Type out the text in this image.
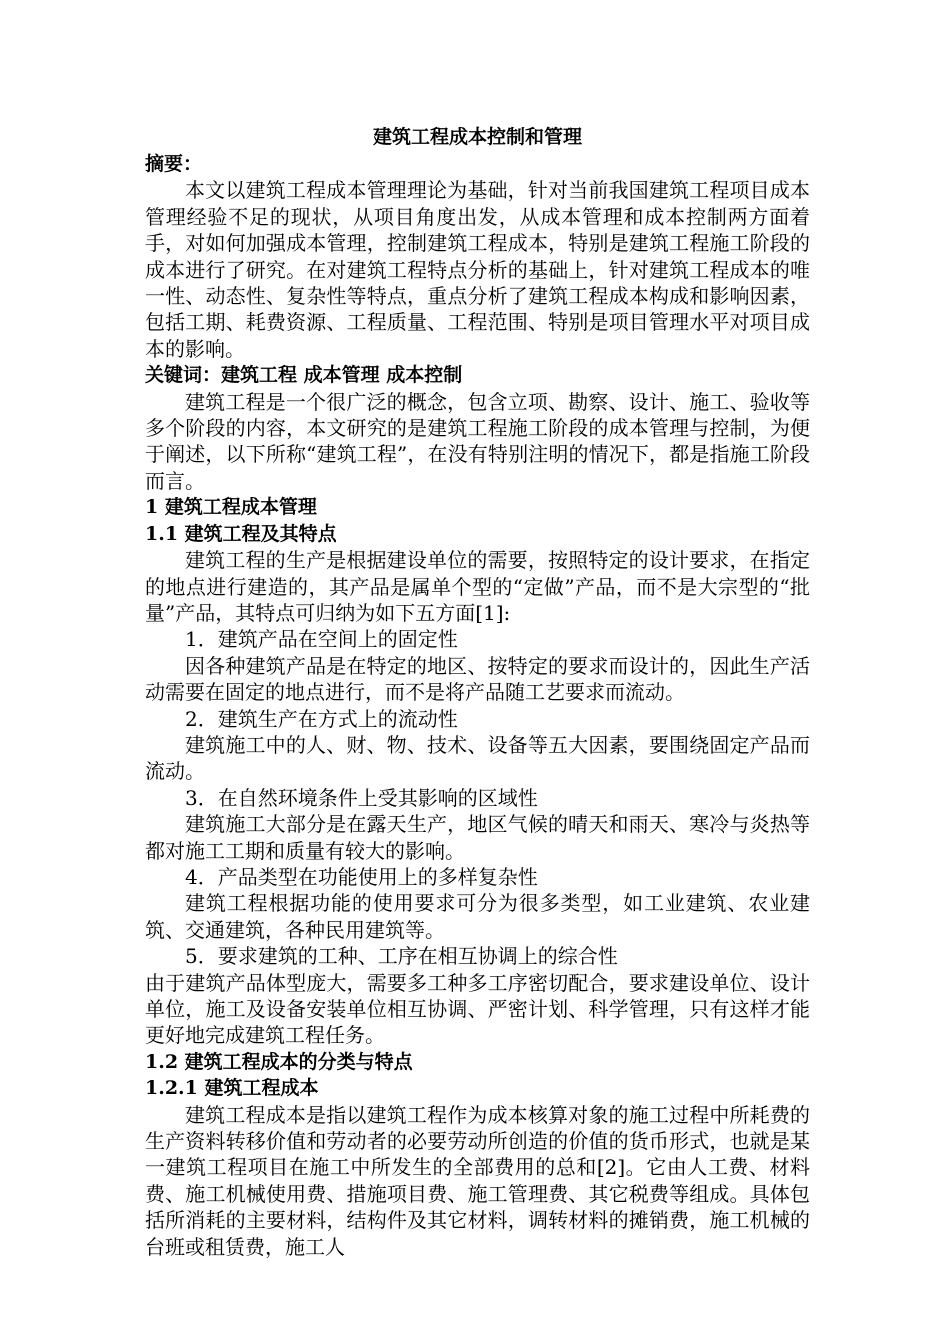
建筑工程成本控制和管理

摘要：

本文以建筑工程成本管理理论为基础，针对当前我国建筑工程项目成本管理经验不足的现状，从项目角度出发，从成本管理和成本控制两方面着手，对如何加强成本管理，控制建筑工程成本，特别是建筑工程施工阶段的成本进行了研究。在对建筑工程特点分析的基础上，针对建筑工程成本的唯一性、动态性、复杂性等特点，重点分析了建筑工程成本构成和影响因素，包括工期、耗费资源、工程质量、工程范围、特别是项目管理水平对项目成本的影响。

关键词：建筑工程 成本管理 成本控制

建筑工程是一个很广泛的概念，包含立项、勘察、设计、施工、验收等多个阶段的内容，本文研究的是建筑工程施工阶段的成本管理与控制，为便于阐述，以下所称“建筑工程”，在没有特别注明的情况下，都是指施工阶段而言。

1 建筑工程成本管理

1.1 建筑工程及其特点

建筑工程的生产是根据建设单位的需要，按照特定的设计要求，在指定的地点进行建造的，其产品是属单个型的“定做”产品，而不是大宗型的“批量”产品，其特点可归纳为如下五方面[1]:

1．建筑产品在空间上的固定性

因各种建筑产品是在特定的地区、按特定的要求而设计的，因此生产活动需要在固定的地点进行，而不是将产品随工艺要求而流动。

2．建筑生产在方式上的流动性

建筑施工中的人、财、物、技术、设备等五大因素，要围绕固定产品而流动。

3．在自然环境条件上受其影响的区域性

建筑施工大部分是在露天生产，地区气候的晴天和雨天、寒冷与炎热等都对施工工期和质量有较大的影响。

4．产品类型在功能使用上的多样复杂性

建筑工程根据功能的使用要求可分为很多类型，如工业建筑、农业建筑、交通建筑，各种民用建筑等。

5．要求建筑的工种、工序在相互协调上的综合性

由于建筑产品体型庞大，需要多工种多工序密切配合，要求建设单位、设计单位，施工及设备安装单位相互协调、严密计划、科学管理，只有这样才能更好地完成建筑工程任务。

1.2 建筑工程成本的分类与特点

1.2.1 建筑工程成本

建筑工程成本是指以建筑工程作为成本核算对象的施工过程中所耗费的生产资料转移价值和劳动者的必要劳动所创造的价值的货币形式，也就是某一建筑工程项目在施工中所发生的全部费用的总和[2]。它由人工费、材料费、施工机械使用费、措施项目费、施工管理费、其它税费等组成。具体包括所消耗的主要材料，结构件及其它材料，调转材料的摊销费，施工机械的台班或租赁费，施工人
